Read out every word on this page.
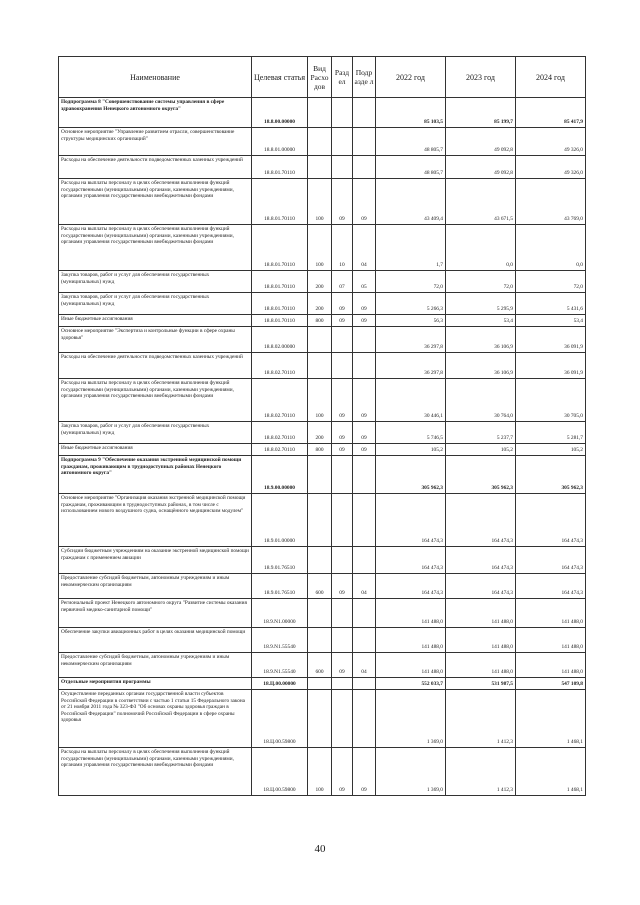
Наименование	Целевая статья	Вид Расхо дов	Разд ел	Подр азде л	2022 год	2023 год	2024 год
Подпрограмма 8 "Совершенствование системы управления в сфере здравоохранения Ненецкого автономного округа"	18.8.00.00000				85 103,5	85 199,7	85 417,9
Основное мероприятие "Управление развитием отрасли, совершенствование структуры медицинских организаций"	18.8.01.00000				48 805,7	49 092,8	49 326,0
Расходы на обеспечение деятельности подведомственных казенных учреждений	18.8.01.70110				48 805,7	49 092,8	49 326,0
Расходы на выплаты персоналу в целях обеспечения выполнения функций государственными (муниципальными) органами, казенными учреждениями, органами управления государственными внебюджетными фондами	18.8.01.70110	100	09	09	43 409,4	43 671,5	43 769,0
Расходы на выплаты персоналу в целях обеспечения выполнения функций государственными (муниципальными) органами, казенными учреждениями, органами управления государственными внебюджетными фондами	18.8.01.70110	100	10	04	1,7	0,0	0,0
Закупка товаров, работ и услуг для обеспечения государственных (муниципальных) нужд	18.8.01.70110	200	07	05	72,0	72,0	72,0
Закупка товаров, работ и услуг для обеспечения государственных (муниципальных) нужд	18.8.01.70110	200	09	09	5 266,3	5 295,9	5 431,6
Иные бюджетные ассигнования	18.8.01.70110	800	09	09	56,3	53,4	53,4
Основное мероприятие "Экспертиза и контрольные функции в сфере охраны здоровья"	18.8.02.00000				36 297,8	36 106,9	36 091,9
Расходы на обеспечение деятельности подведомственных казенных учреждений	18.8.02.70110				36 297,8	36 106,9	36 091,9
Расходы на выплаты персоналу в целях обеспечения выполнения функций государственными (муниципальными) органами, казенными учреждениями, органами управления государственными внебюджетными фондами	18.8.02.70110	100	09	09	30 446,1	30 764,0	30 705,0
Закупка товаров, работ и услуг для обеспечения государственных (муниципальных) нужд	18.8.02.70110	200	09	09	5 746,5	5 237,7	5 281,7
Иные бюджетные ассигнования	18.8.02.70110	800	09	09	105,2	105,2	105,2
Подпрограмма 9 "Обеспечение оказания экстренной медицинской помощи гражданам, проживающим в труднодоступных районах Ненецкого автономного округа"	18.9.00.00000				305 962,3	305 962,3	305 962,3
Основное мероприятие "Организация оказания экстренной медицинской помощи гражданам, проживающим в труднодоступных районах, в том числе с использованием нового воздушного судна, оснащённого медицинским модулем"	18.9.01.00000				164 474,3	164 474,3	164 474,3
Субсидии бюджетным учреждениям на оказание экстренной медицинской помощи гражданам с применением авиации	18.9.01.76510				164 474,3	164 474,3	164 474,3
Предоставление субсидий бюджетным, автономным учреждениям и иным некоммерческим организациям	18.9.01.76510	600	09	04	164 474,3	164 474,3	164 474,3
Региональный проект Ненецкого автономного округа "Развитие системы оказания первичной медико-санитарной помощи"	18.9.N1.00000				141 488,0	141 488,0	141 488,0
Обеспечение закупки авиационных работ в целях оказания медицинской помощи	18.9.N1.55540				141 488,0	141 488,0	141 488,0
Предоставление субсидий бюджетным, автономным учреждениям и иным некоммерческим организациям	18.9.N1.55540	600	09	04	141 488,0	141 488,0	141 488,0
Отдельные мероприятия программы	18.Ц.00.00000				552 033,7	531 987,5	547 109,8
Осуществление переданных органам государственной власти субъектов Российской Федерации в соответствии с частью 1 статьи 15 Федерального закона от 21 ноября 2011 года № 323-ФЗ "Об основах охраны здоровья граждан в Российской Федерации" полномочий Российской Федерации в сфере охраны здоровья	18.Ц.00.59800				1 369,0	1 412,3	1 468,1
Расходы на выплаты персоналу в целях обеспечения выполнения функций государственными (муниципальными) органами, казенными учреждениями, органами управления государственными внебюджетными фондами	18.Ц.00.59800	100	09	09	1 369,0	1 412,3	1 468,1
40
